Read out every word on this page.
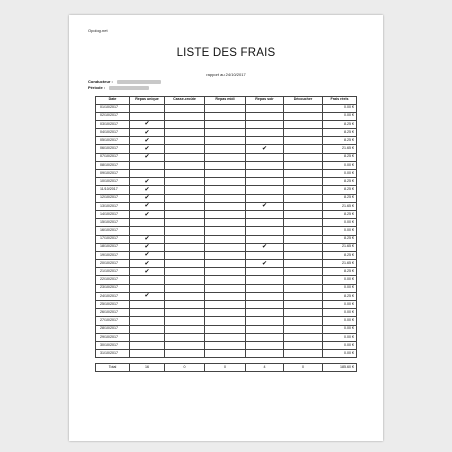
Opolog.net
LISTE DES FRAIS
rapport au 24/10/2017
Conducteur :
Période :
Date	Repas unique	Casse-croûte	Repas midi	Repas soir	Découcher	Frais réels
01/10/2017						0.00 €
02/10/2017						0.00 €
03/10/2017	✔					8.25 €
04/10/2017	✔					8.25 €
05/10/2017	✔					8.25 €
06/10/2017	✔			✔		21.65 €
07/10/2017	✔					8.25 €
08/10/2017						0.00 €
09/10/2017						0.00 €
10/10/2017	✔					8.25 €
11/10/2017	✔					8.25 €
12/10/2017	✔					8.25 €
13/10/2017	✔			✔		21.65 €
14/10/2017	✔					8.25 €
15/10/2017						0.00 €
16/10/2017						0.00 €
17/10/2017	✔					8.25 €
18/10/2017	✔			✔		21.65 €
19/10/2017	✔					8.25 €
20/10/2017	✔			✔		21.65 €
21/10/2017	✔					8.25 €
22/10/2017						0.00 €
23/10/2017						0.00 €
24/10/2017	✔					8.25 €
25/10/2017						0.00 €
26/10/2017						0.00 €
27/10/2017						0.00 €
28/10/2017						0.00 €
29/10/2017						0.00 €
30/10/2017						0.00 €
31/10/2017						0.00 €
Total	16	0	0	4	0	185.60 €
